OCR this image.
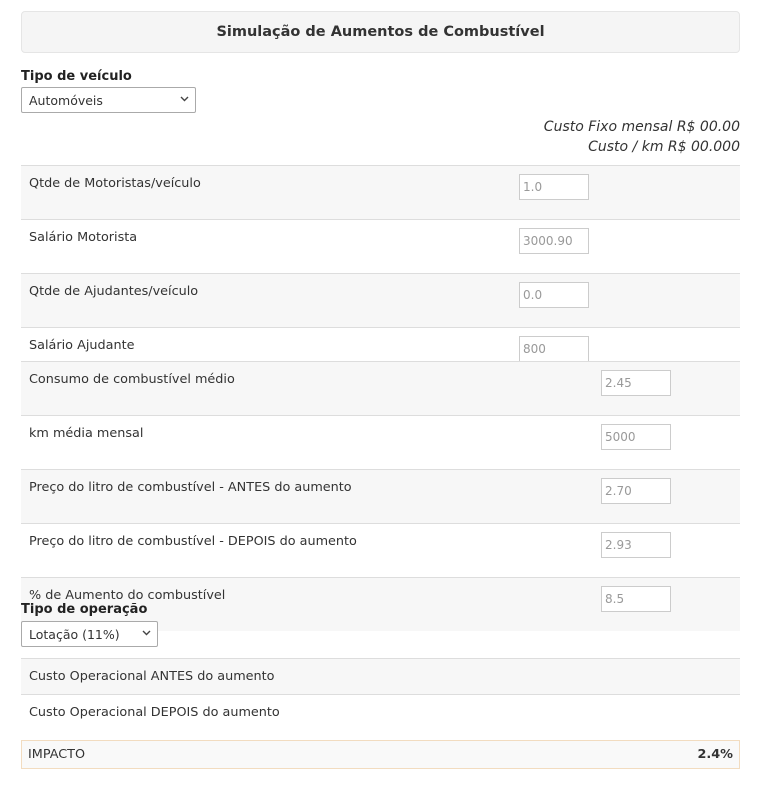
Simulação de Aumentos de Combustível
Tipo de veículo
Automóveis
Custo Fixo mensal R$ 00.00
Custo / km R$ 00.000
Qtde de Motoristas/veículo	1.0
Salário Motorista	3000.90
Qtde de Ajudantes/veículo	0.0
Salário Ajudante	800
Consumo de combustível médio	2.45
km média mensal	5000
Preço do litro de combustível - ANTES do aumento	2.70
Preço do litro de combustível - DEPOIS do aumento	2.93
% de Aumento do combustível	8.5
Tipo de operação
Lotação (11%)
Custo Operacional ANTES do aumento
Custo Operacional DEPOIS do aumento
IMPACTO	2.4%
